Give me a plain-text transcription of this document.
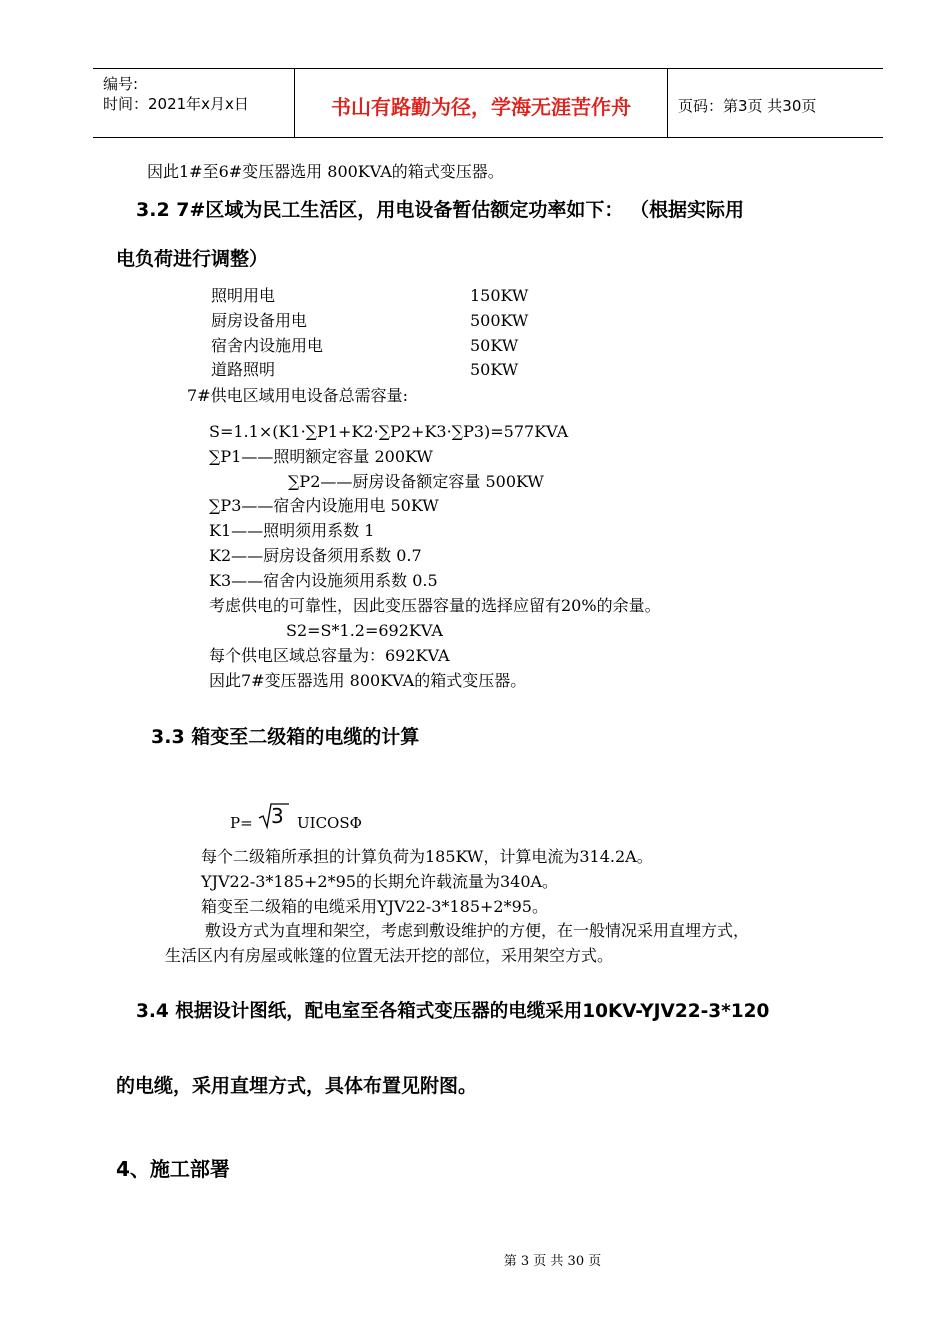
编号:
时间：2021年x月x日	书山有路勤为径，学海无涯苦作舟	页码：第3页 共30页
因此1#至6#变压器选用 800KVA的箱式变压器。
3.2 7#区域为民工生活区，用电设备暂估额定功率如下： （根据实际用
电负荷进行调整）
照明用电	150KW
厨房设备用电	500KW
宿舍内设施用电	50KW
道路照明	50KW
7#供电区域用电设备总需容量:
S=1.1×(K1·∑P1+K2·∑P2+K3·∑P3)=577KVA
∑P1——照明额定容量 200KW
∑P2——厨房设备额定容量 500KW
∑P3——宿舍内设施用电 50KW
K1——照明须用系数 1
K2——厨房设备须用系数 0.7
K3——宿舍内设施须用系数 0.5
考虑供电的可靠性，因此变压器容量的选择应留有20%的余量。
S2=S*1.2=692KVA
每个供电区域总容量为：692KVA
因此7#变压器选用 800KVA的箱式变压器。
3.3 箱变至二级箱的电缆的计算
P= 3 UICOSΦ
每个二级箱所承担的计算负荷为185KW，计算电流为314.2A。
YJV22-3*185+2*95的长期允许载流量为340A。
箱变至二级箱的电缆采用YJV22-3*185+2*95。
敷设方式为直埋和架空，考虑到敷设维护的方便，在一般情况采用直埋方式，
生活区内有房屋或帐篷的位置无法开挖的部位，采用架空方式。
3.4 根据设计图纸，配电室至各箱式变压器的电缆采用10KV-YJV22-3*120
的电缆，采用直埋方式，具体布置见附图。
4、施工部署
第 3 页 共 30 页
